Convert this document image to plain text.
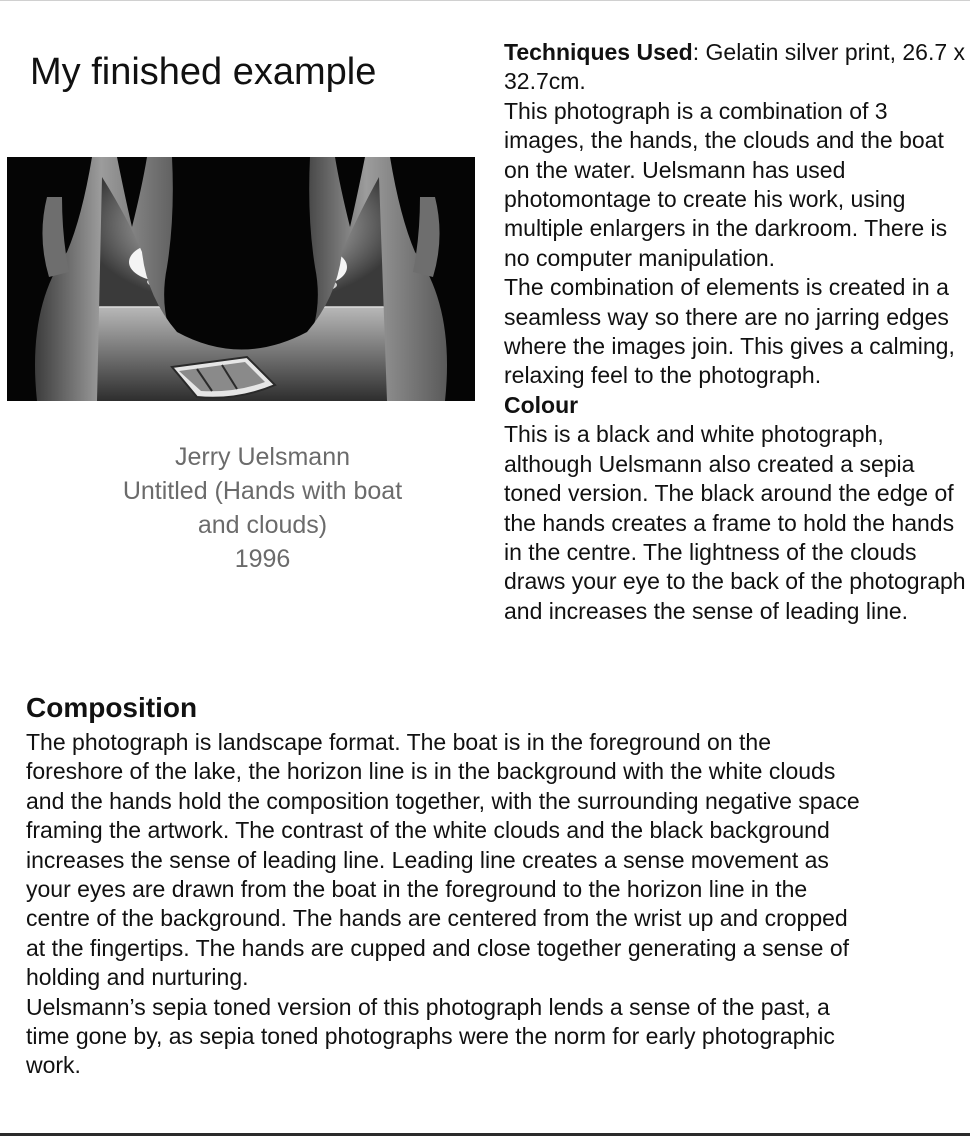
My finished example
Jerry Uelsmann
Untitled (Hands with boat
and clouds)
1996

Techniques Used: Gelatin silver print, 26.7 x 32.7cm.

This photograph is a combination of 3 images, the hands, the clouds and the boat on the water. Uelsmann has used photomontage to create his work, using multiple enlargers in the darkroom. There is no computer manipulation.

The combination of elements is created in a seamless way so there are no jarring edges where the images join. This gives a calming, relaxing feel to the photograph.

Colour

This is a black and white photograph, although Uelsmann also created a sepia toned version. The black around the edge of the hands creates a frame to hold the hands in the centre. The lightness of the clouds draws your eye to the back of the photograph and increases the sense of leading line.

Composition

The photograph is landscape format. The boat is in the foreground on the foreshore of the lake, the horizon line is in the background with the white clouds and the hands hold the composition together, with the surrounding negative space framing the artwork. The contrast of the white clouds and the black background increases the sense of leading line. Leading line creates a sense movement as your eyes are drawn from the boat in the foreground to the horizon line in the centre of the background. The hands are centered from the wrist up and cropped at the fingertips. The hands are cupped and close together generating a sense of holding and nurturing.

Uelsmann’s sepia toned version of this photograph lends a sense of the past, a time gone by, as sepia toned photographs were the norm for early photographic work.
